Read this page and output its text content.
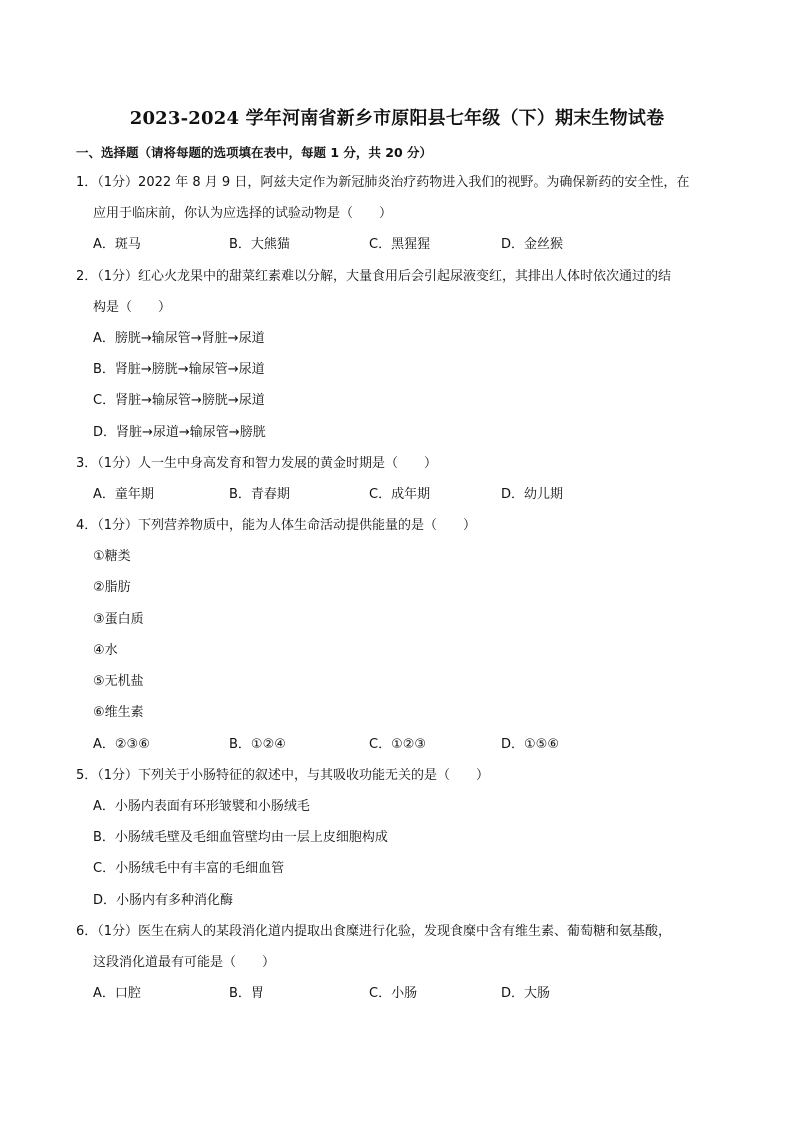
2023-2024 学年河南省新乡市原阳县七年级（下）期末生物试卷
一、选择题（请将每题的选项填在表中，每题 1 分，共 20 分）
1．（1分）2022 年 8 月 9 日，阿兹夫定作为新冠肺炎治疗药物进入我们的视野。为确保新药的安全性，在
应用于临床前，你认为应选择的试验动物是（　　）
A．斑马	B．大熊猫	C．黑猩猩	D．金丝猴
2．（1分）红心火龙果中的甜菜红素难以分解，大量食用后会引起尿液变红，其排出人体时依次通过的结
构是（　　）
A．膀胱→输尿管→肾脏→尿道
B．肾脏→膀胱→输尿管→尿道
C．肾脏→输尿管→膀胱→尿道
D．肾脏→尿道→输尿管→膀胱
3．（1分）人一生中身高发育和智力发展的黄金时期是（　　）
A．童年期	B．青春期	C．成年期	D．幼儿期
4．（1分）下列营养物质中，能为人体生命活动提供能量的是（　　）
①糖类
②脂肪
③蛋白质
④水
⑤无机盐
⑥维生素
A．②③⑥	B．①②④	C．①②③	D．①⑤⑥
5．（1分）下列关于小肠特征的叙述中，与其吸收功能无关的是（　　）
A．小肠内表面有环形皱襞和小肠绒毛
B．小肠绒毛壁及毛细血管壁均由一层上皮细胞构成
C．小肠绒毛中有丰富的毛细血管
D．小肠内有多种消化酶
6．（1分）医生在病人的某段消化道内提取出食糜进行化验，发现食糜中含有维生素、葡萄糖和氨基酸，
这段消化道最有可能是（　　）
A．口腔	B．胃	C．小肠	D．大肠
